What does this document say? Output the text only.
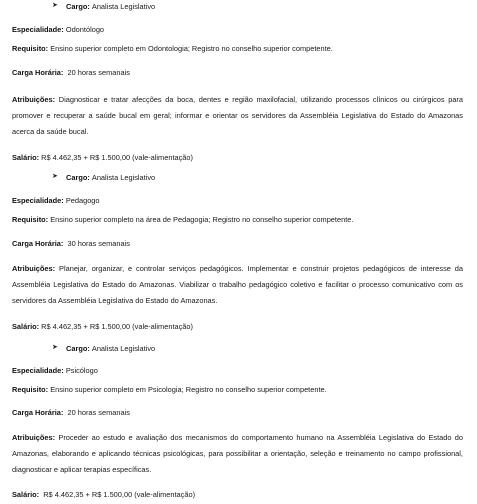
➤ Cargo:
Analista Legislativo
Especialidade: Odontólogo
Requisito: Ensino superior completo em Odontologia; Registro no conselho superior competente.
Carga Horária: 20 horas semanais
Atribuições: Diagnosticar e tratar afecções da boca, dentes e região maxilofacial, utilizando processos clínicos ou cirúrgicos para promover e recuperar a saúde bucal em geral; informar e orientar os servidores da Assembléia Legislativa do Estado do Amazonas acerca da saúde bucal.
Salário: R$ 4.462,35 + R$ 1.500,00 (vale-alimentação)
➤ Cargo:
Analista Legislativo
Especialidade: Pedagogo
Requisito: Ensino superior completo na área de Pedagogia; Registro no conselho superior competente.
Carga Horária: 30 horas semanais
Atribuições: Planejar, organizar, e controlar serviços pedagógicos. Implementar e construir projetos pedagógicos de interesse da Assembléia Legislativa do Estado do Amazonas. Viabilizar o trabalho pedagógico coletivo e facilitar o processo comunicativo com os servidores da Assembléia Legislativa do Estado do Amazonas.
Salário: R$ 4.462,35 + R$ 1.500,00 (vale-alimentação)
➤ Cargo:
Analista Legislativo
Especialidade: Psicólogo
Requisito: Ensino superior completo em Psicologia; Registro no conselho superior competente.
Carga Horária: 20 horas semanais
Atribuições: Proceder ao estudo e avaliação dos mecanismos do comportamento humano na Assembléia Legislativa do Estado do Amazonas, elaborando e aplicando técnicas psicológicas, para possibilitar a orientação, seleção e treinamento no campo profissional, diagnosticar e aplicar terapias específicas.
Salário: R$ 4.462,35 + R$ 1.500,00 (vale-alimentação)
